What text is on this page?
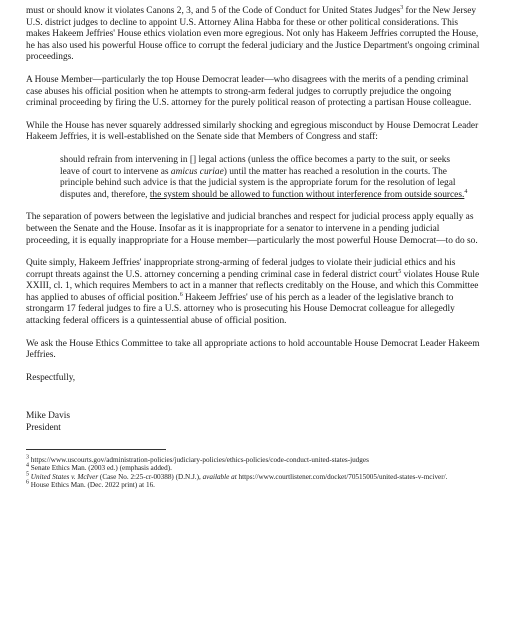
must or should know it violates Canons 2, 3, and 5 of the Code of Conduct for United States Judges$^3$ for the New Jersey U.S. district judges to decline to appoint U.S. Attorney Alina Habba for these or other political considerations. This makes Hakeem Jeffries' House ethics violation even more egregious. Not only has Hakeem Jeffries corrupted the House, he has also used his powerful House office to corrupt the federal judiciary and the Justice Department's ongoing criminal proceedings.

A House Member—particularly the top House Democrat leader—who disagrees with the merits of a pending criminal case abuses his official position when he attempts to strong-arm federal judges to corruptly prejudice the ongoing criminal proceeding by firing the U.S. attorney for the purely political reason of protecting a partisan House colleague.

While the House has never squarely addressed similarly shocking and egregious misconduct by House Democrat Leader Hakeem Jeffries, it is well-established on the Senate side that Members of Congress and staff:

should refrain from intervening in [] legal actions (unless the office becomes a party to the suit, or seeks leave of court to intervene as amicus curiae) until the matter has reached a resolution in the courts. The principle behind such advice is that the judicial system is the appropriate forum for the resolution of legal disputes and, therefore, the system should be allowed to function without interference from outside sources.$^4$

The separation of powers between the legislative and judicial branches and respect for judicial process apply equally as between the Senate and the House. Insofar as it is inappropriate for a senator to intervene in a pending judicial proceeding, it is equally inappropriate for a House member—particularly the most powerful House Democrat—to do so.

Quite simply, Hakeem Jeffries' inappropriate strong-arming of federal judges to violate their judicial ethics and his corrupt threats against the U.S. attorney concerning a pending criminal case in federal district court$^5$ violates House Rule XXIII, cl. 1, which requires Members to act in a manner that reflects creditably on the House, and which this Committee has applied to abuses of official position.$^6$ Hakeem Jeffries' use of his perch as a leader of the legislative branch to strongarm 17 federal judges to fire a U.S. attorney who is prosecuting his House Democrat colleague for allegedly attacking federal officers is a quintessential abuse of official position.

We ask the House Ethics Committee to take all appropriate actions to hold accountable House Democrat Leader Hakeem Jeffries.

Respectfully,
Mike Davis
President

$^3$ https://www.uscourts.gov/administration-policies/judiciary-policies/ethics-policies/code-conduct-united-states-judges

$^4$ Senate Ethics Man. (2003 ed.) (emphasis added).

$^5$ United States v. McIver (Case No. 2:25-cr-00388) (D.N.J.), available at https://www.courtlistener.com/docket/70515005/united-states-v-mciver/.

$^6$ House Ethics Man. (Dec. 2022 print) at 16.
